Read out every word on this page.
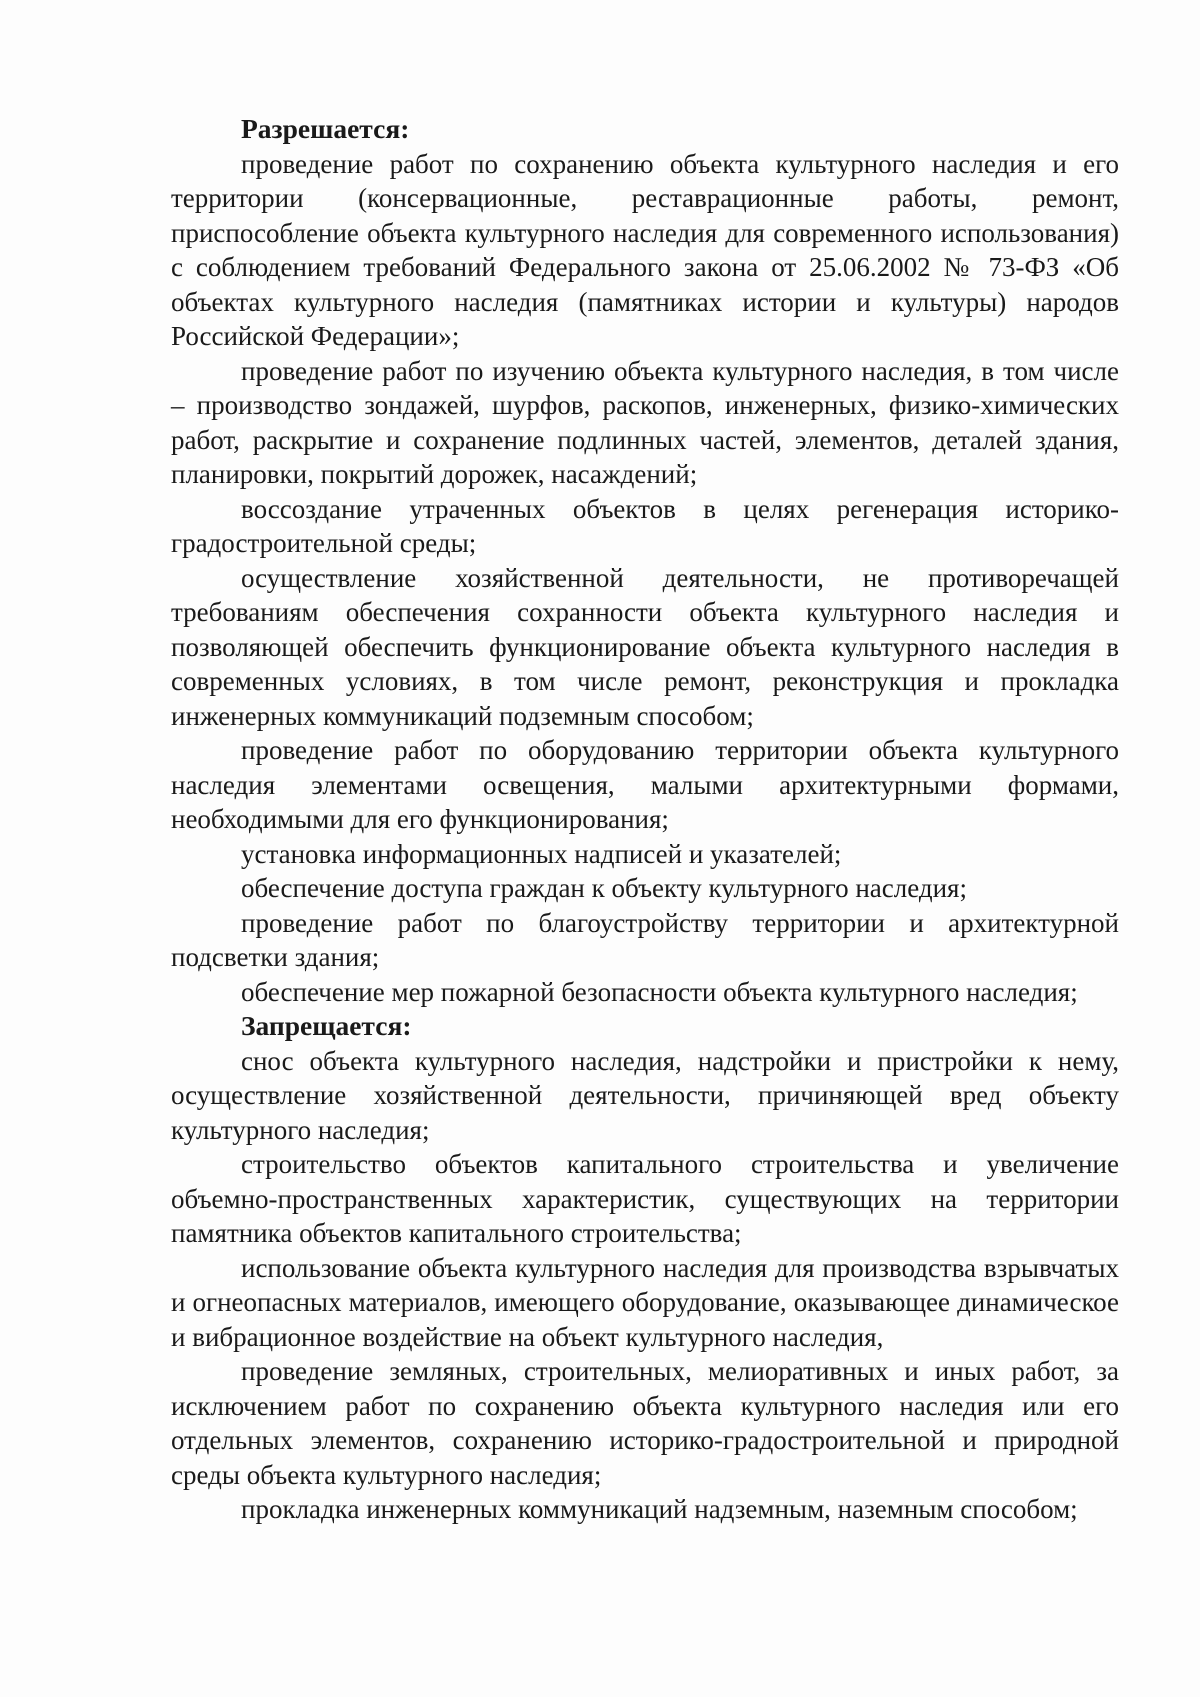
Разрешается:

проведение работ по сохранению объекта культурного наследия и его территории (консервационные, реставрационные работы, ремонт, приспособление объекта культурного наследия для современного использования) с соблюдением требований Федерального закона от 25.06.2002 № 73-ФЗ «Об объектах культурного наследия (памятниках истории и культуры) народов Российской Федерации»;

проведение работ по изучению объекта культурного наследия, в том числе – производство зондажей, шурфов, раскопов, инженерных, физико-химических работ, раскрытие и сохранение подлинных частей, элементов, деталей здания, планировки, покрытий дорожек, насаждений;

воссоздание утраченных объектов в целях регенерация историко-градостроительной среды;

осуществление хозяйственной деятельности, не противоречащей требованиям обеспечения сохранности объекта культурного наследия и позволяющей обеспечить функционирование объекта культурного наследия в современных условиях, в том числе ремонт, реконструкция и прокладка инженерных коммуникаций подземным способом;

проведение работ по оборудованию территории объекта культурного наследия элементами освещения, малыми архитектурными формами, необходимыми для его функционирования;

установка информационных надписей и указателей;

обеспечение доступа граждан к объекту культурного наследия;

проведение работ по благоустройству территории и архитектурной подсветки здания;

обеспечение мер пожарной безопасности объекта культурного наследия;

Запрещается:

снос объекта культурного наследия, надстройки и пристройки к нему, осуществление хозяйственной деятельности, причиняющей вред объекту культурного наследия;

строительство объектов капитального строительства и увеличение объемно-пространственных характеристик, существующих на территории памятника объектов капитального строительства;

использование объекта культурного наследия для производства взрывчатых и огнеопасных материалов, имеющего оборудование, оказывающее динамическое и вибрационное воздействие на объект культурного наследия,

проведение земляных, строительных, мелиоративных и иных работ, за исключением работ по сохранению объекта культурного наследия или его отдельных элементов, сохранению историко-градостроительной и природной среды объекта культурного наследия;

прокладка инженерных коммуникаций надземным, наземным способом;
